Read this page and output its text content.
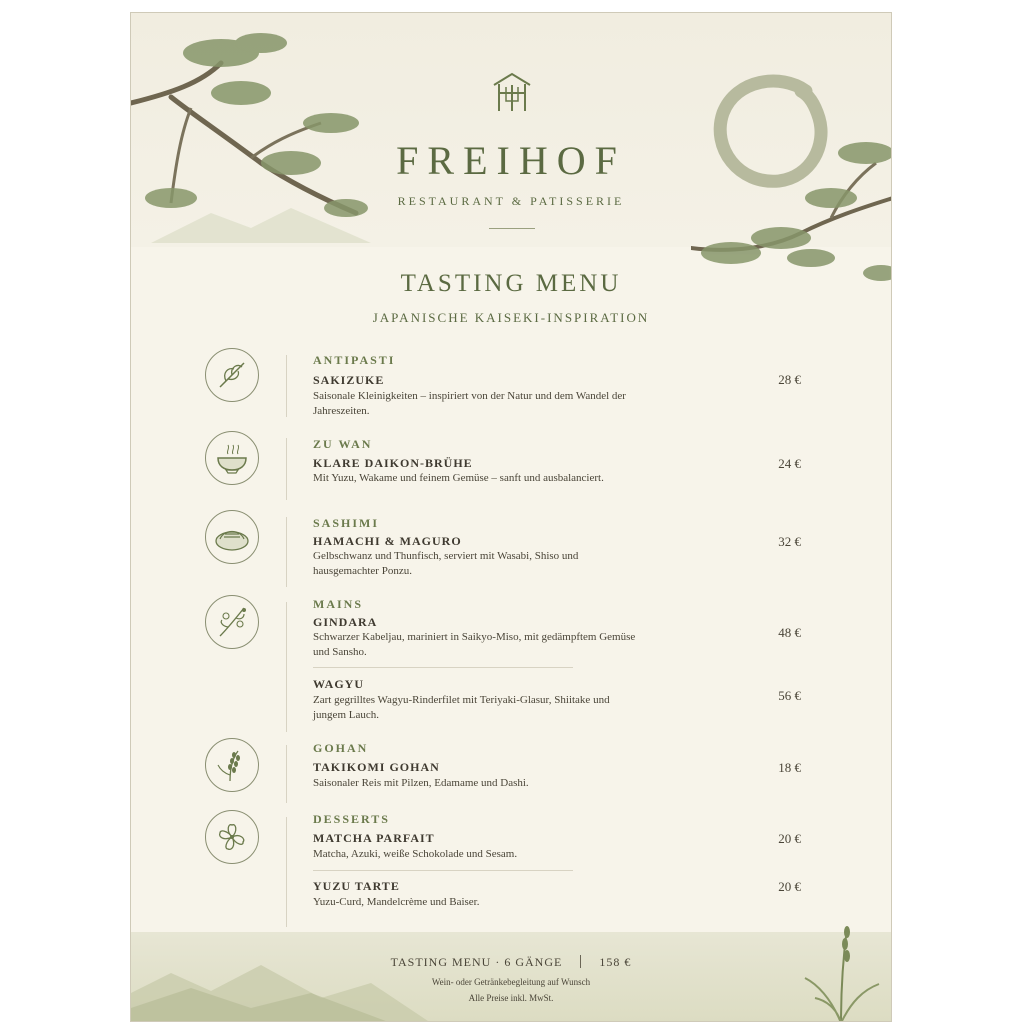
FREIHOF
RESTAURANT & PATISSERIE
TASTING MENU
JAPANISCHE KAISEKI-INSPIRATION
ANTIPASTI
SAKIZUKE
Saisonale Kleinigkeiten – inspiriert von der Natur und dem Wandel der Jahreszeiten.
28 €
ZU WAN
KLARE DAIKON-BRÜHE
Mit Yuzu, Wakame und feinem Gemüse – sanft und ausbalanciert.
24 €
SASHIMI
HAMACHI & MAGURO
Gelbschwanz und Thunfisch, serviert mit Wasabi, Shiso und hausgemachter Ponzu.
32 €
MAINS
GINDARA
Schwarzer Kabeljau, mariniert in Saikyo-Miso, mit gedämpftem Gemüse und Sansho.
48 €
WAGYU
Zart gegrilltes Wagyu-Rinderfilet mit Teriyaki-Glasur, Shiitake und jungem Lauch.
56 €
GOHAN
TAKIKOMI GOHAN
Saisonaler Reis mit Pilzen, Edamame und Dashi.
18 €
DESSERTS
MATCHA PARFAIT
Matcha, Azuki, weiße Schokolade und Sesam.
20 €
YUZU TARTE
Yuzu-Curd, Mandelcrème und Baiser.
20 €
TASTING MENU · 6 GÄNGE	158 €
Wein- oder Getränkebegleitung auf Wunsch
Alle Preise inkl. MwSt.
